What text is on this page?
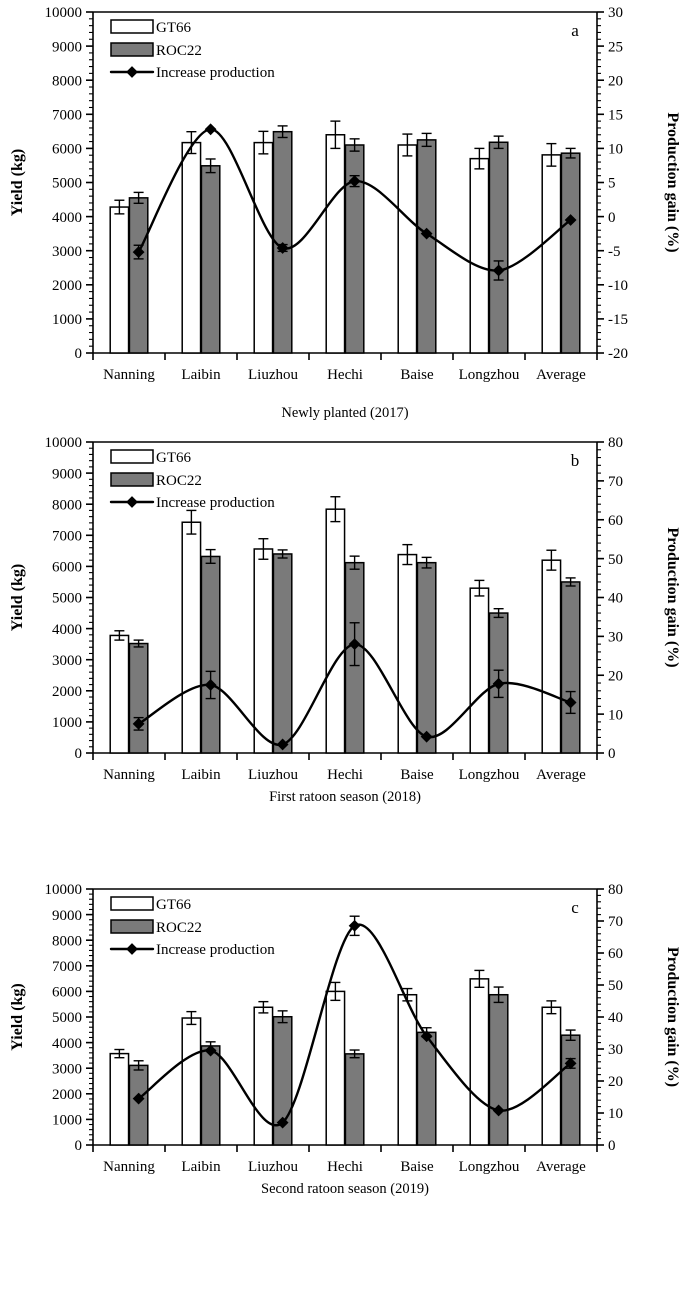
0
1000
2000
3000
4000
5000
6000
7000
8000
9000
10000
Yield (kg)
-20
-15
-10
-5
0
5
10
15
20
25
30
Production gain (%)
Nanning Laibin Liuzhou Hechi Baise Longzhou Average
GT66
ROC22
Increase production
a
Newly planted (2017)
0
1000
2000
3000
4000
5000
6000
7000
8000
9000
10000
Yield (kg)
0
10
20
30
40
50
60
70
80
Production gain (%)
Nanning Laibin Liuzhou Hechi Baise Longzhou Average
GT66
ROC22
Increase production
b
First ratoon season (2018)
0
1000
2000
3000
4000
5000
6000
7000
8000
9000
10000
Yield (kg)
0
10
20
30
40
50
60
70
80
Production gain (%)
Nanning Laibin Liuzhou Hechi Baise Longzhou Average
GT66
ROC22
Increase production
c
Second ratoon season (2019)
